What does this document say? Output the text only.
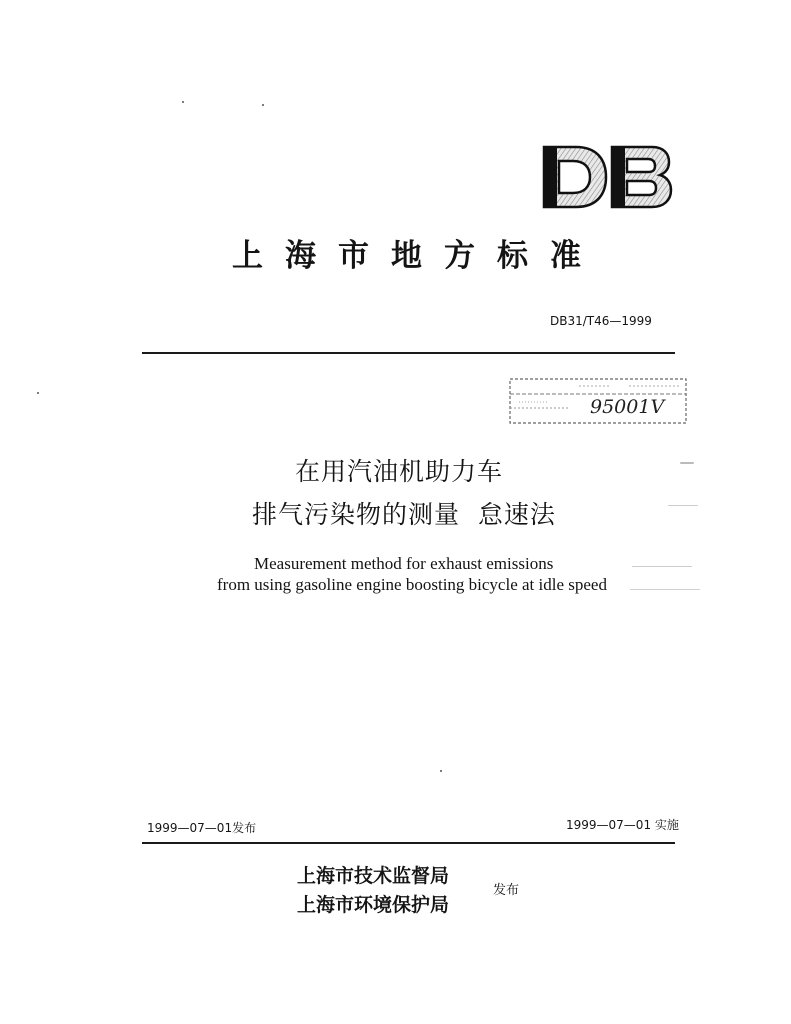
上海市地方标准
DB31/T46—1999
95001V
在用汽油机助力车
排气污染物的测量  怠速法
Measurement method for exhaust emissions
from using gasoline engine boosting bicycle at idle speed
1999—07—01发布	1999—07—01 实施
上海市技术监督局
上海市环境保护局
发布
